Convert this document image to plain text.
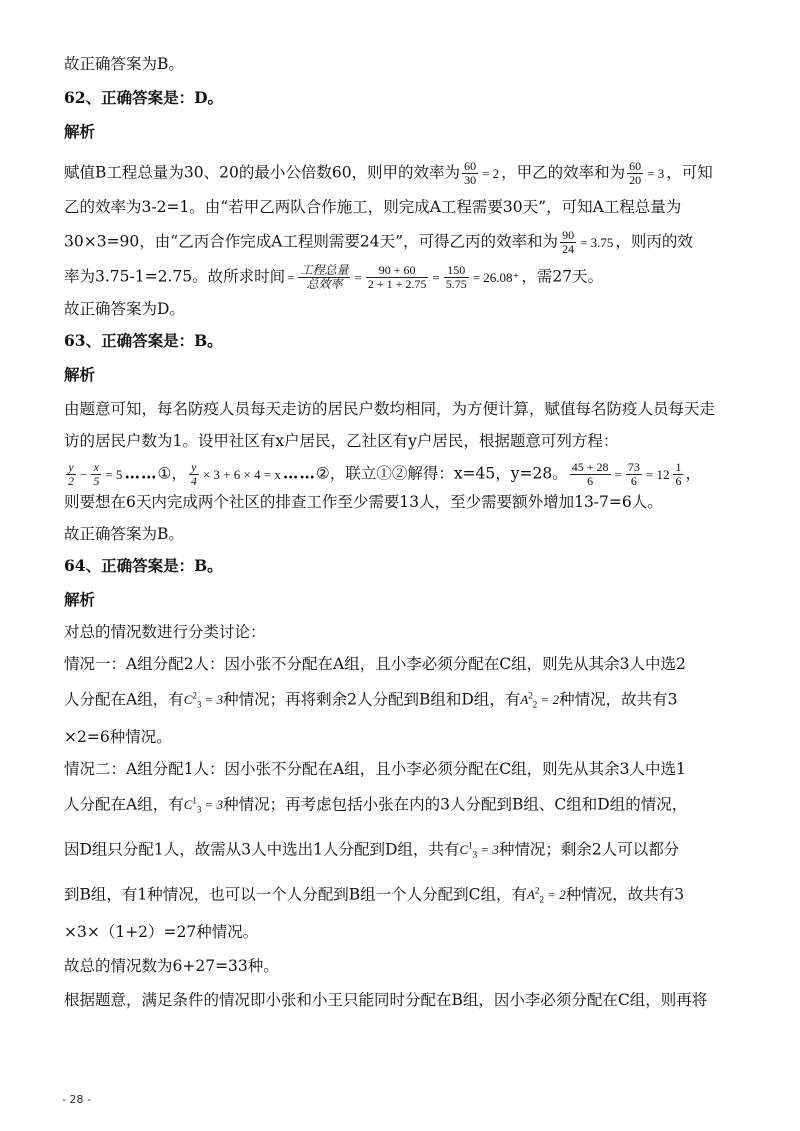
故正确答案为B。
62、正确答案是：D。
解析
赋值B工程总量为30、20的最小公倍数60，则甲的效率为 $\frac{60}{30} = 2$ ，甲乙的效率和为 $\frac{60}{20} = 3$ ，可知
乙的效率为3-2=1。由“若甲乙两队合作施工，则完成A工程需要30天”，可知A工程总量为
30×3=90，由“乙丙合作完成A工程则需要24天”，可得乙丙的效率和为 $\frac{90}{24} = 3.75$ ，则丙的效
率为3.75-1=2.75。故所求时间 = $\frac{\text{工程总量}}{\text{总效率}} = \frac{90 + 60}{2 + 1 + 2.75} = \frac{150}{5.75} = 26.08^+$ ，需27天。
故正确答案为D。
63、正确答案是：B。
解析
由题意可知，每名防疫人员每天走访的居民户数均相同，为方便计算，赋值每名防疫人员每天走
访的居民户数为1。设甲社区有x户居民，乙社区有y户居民，根据题意可列方程：
$\frac{y}{2} - \frac{x}{5} = 5$ ……①， $\frac{y}{4} \times 3 + 6 \times 4 = x$ ……②，联立①②解得：x=45，y=28。 $\frac{45 + 28}{6} = \frac{73}{6} = 12 \frac{1}{6}$ ，
则要想在6天内完成两个社区的排查工作至少需要13人，至少需要额外增加13-7=6人。
故正确答案为B。
64、正确答案是：B。
解析
对总的情况数进行分类讨论：
情况一：A组分配2人：因小张不分配在A组，且小李必须分配在C组，则先从其余3人中选2
人分配在A组，有$C^2_3 = 3$种情况；再将剩余2人分配到B组和D组，有$A^2_2 = 2$种情况，故共有3
×2=6种情况。
情况二：A组分配1人：因小张不分配在A组，且小李必须分配在C组，则先从其余3人中选1
人分配在A组，有$C^1_3 = 3$种情况；再考虑包括小张在内的3人分配到B组、C组和D组的情况，
因D组只分配1人，故需从3人中选出1人分配到D组，共有$C^1_3 = 3$种情况；剩余2人可以都分
到B组，有1种情况，也可以一个人分配到B组一个人分配到C组，有$A^2_2 = 2$种情况，故共有3
×3×（1+2）=27种情况。
故总的情况数为6+27=33种。
根据题意，满足条件的情况即小张和小王只能同时分配在B组，因小李必须分配在C组，则再将
- 28 -
